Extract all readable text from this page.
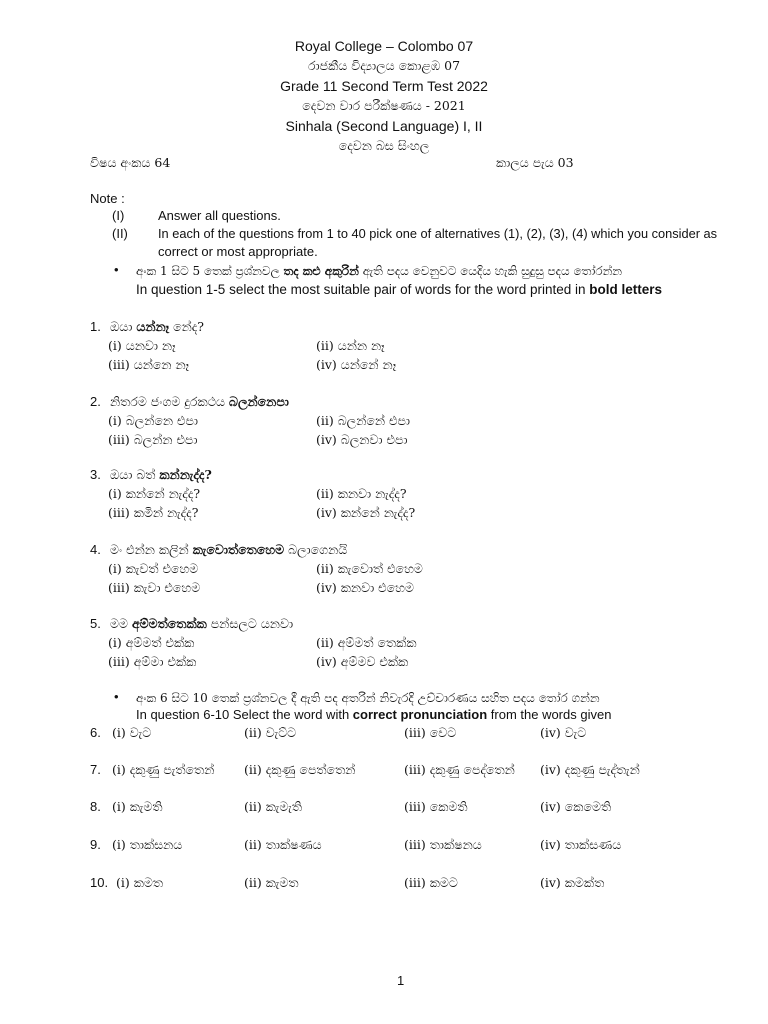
Royal College – Colombo 07
රාජකීය විද්‍යාලය කොළඹ 07
Grade 11 Second Term Test 2022
දෙවන වාර පරීක්ෂණය - 2021
Sinhala (Second Language) I, II
දෙවන බස සිංහල
විෂය අංකය 64	කාලය පැය 03
Note :
(I)	Answer all questions.
(II) In each of the questions from 1 to 40 pick one of alternatives (1), (2), (3), (4) which you consider as
correct or most appropriate.
• අංක 1 සිට 5 තෙක් ප්‍රශ්නවල තද කළු අකුරින් ඇති පදය වෙනුවට යෙදිය හැකි සුදුසු පදය තෝරන්න
In question 1-5 select the most suitable pair of words for the word printed in bold letters
1. ඔයා යන්නෑ නේද?
(i) යනවා නෑ	(ii) යන්න නෑ
(iii) යන්නෙ නෑ	(iv) යන්නේ නෑ
2. නිතරම ජංගම දුරකථය බලන්නෙපා
(i) බලන්නෙ එපා	(ii) බලන්නේ එපා
(iii) බලන්න එපා	(iv) බලනවා එපා
3. ඔයා බත් කන්නැද්ද?
(i) කන්නේ නැද්ද?	(ii) කනවා නැද්ද?
(iii) කමින් නැද්ද?	(iv) කන්නේ නැද්ද?
4. මං එන්න කලින් කැවොත්තෙහෙම බලාගෙනයි
(i) කැවත් එහෙම	(ii) කැවොත් එහෙම
(iii) කැවා එහෙම	(iv) කනවා එහෙම
5. මම අම්මත්තෙක්ක පන්සලට යනවා
(i) අම්මත් එක්ක	(ii) අම්මත් තෙක්ක
(iii) අම්මා එක්ක	(iv) අම්මව එක්ක
• අංක 6 සිට 10 තෙක් ප්‍රශ්නවල දී ඇති පද අතරින් නිවැරදි උච්චාරණය සහිත පදය තෝර ගන්න
In question 6-10 Select the word with correct pronunciation from the words given
6. (i) වැට	(ii) වැට්ට	(iii) වෙට	(iv) වැට
7. (i) දකුණු පැත්තෙන් (ii) දකුණු පෙත්තෙන්	(iii) දකුණු පෙද්තෙන් (iv) දකුණු පැද්තැන්
8. (i) කැමති	(ii) කැමැති	(iii) කෙමති	(iv) කෙමෙති
9. (i) තාක්සනය	(ii) තාක්ෂණය	(iii) තාක්ෂනය	(iv) තාක්සණය
10. (i) කමත	(ii) කැමත	(iii) කමට	(iv) කමක්ත
1
